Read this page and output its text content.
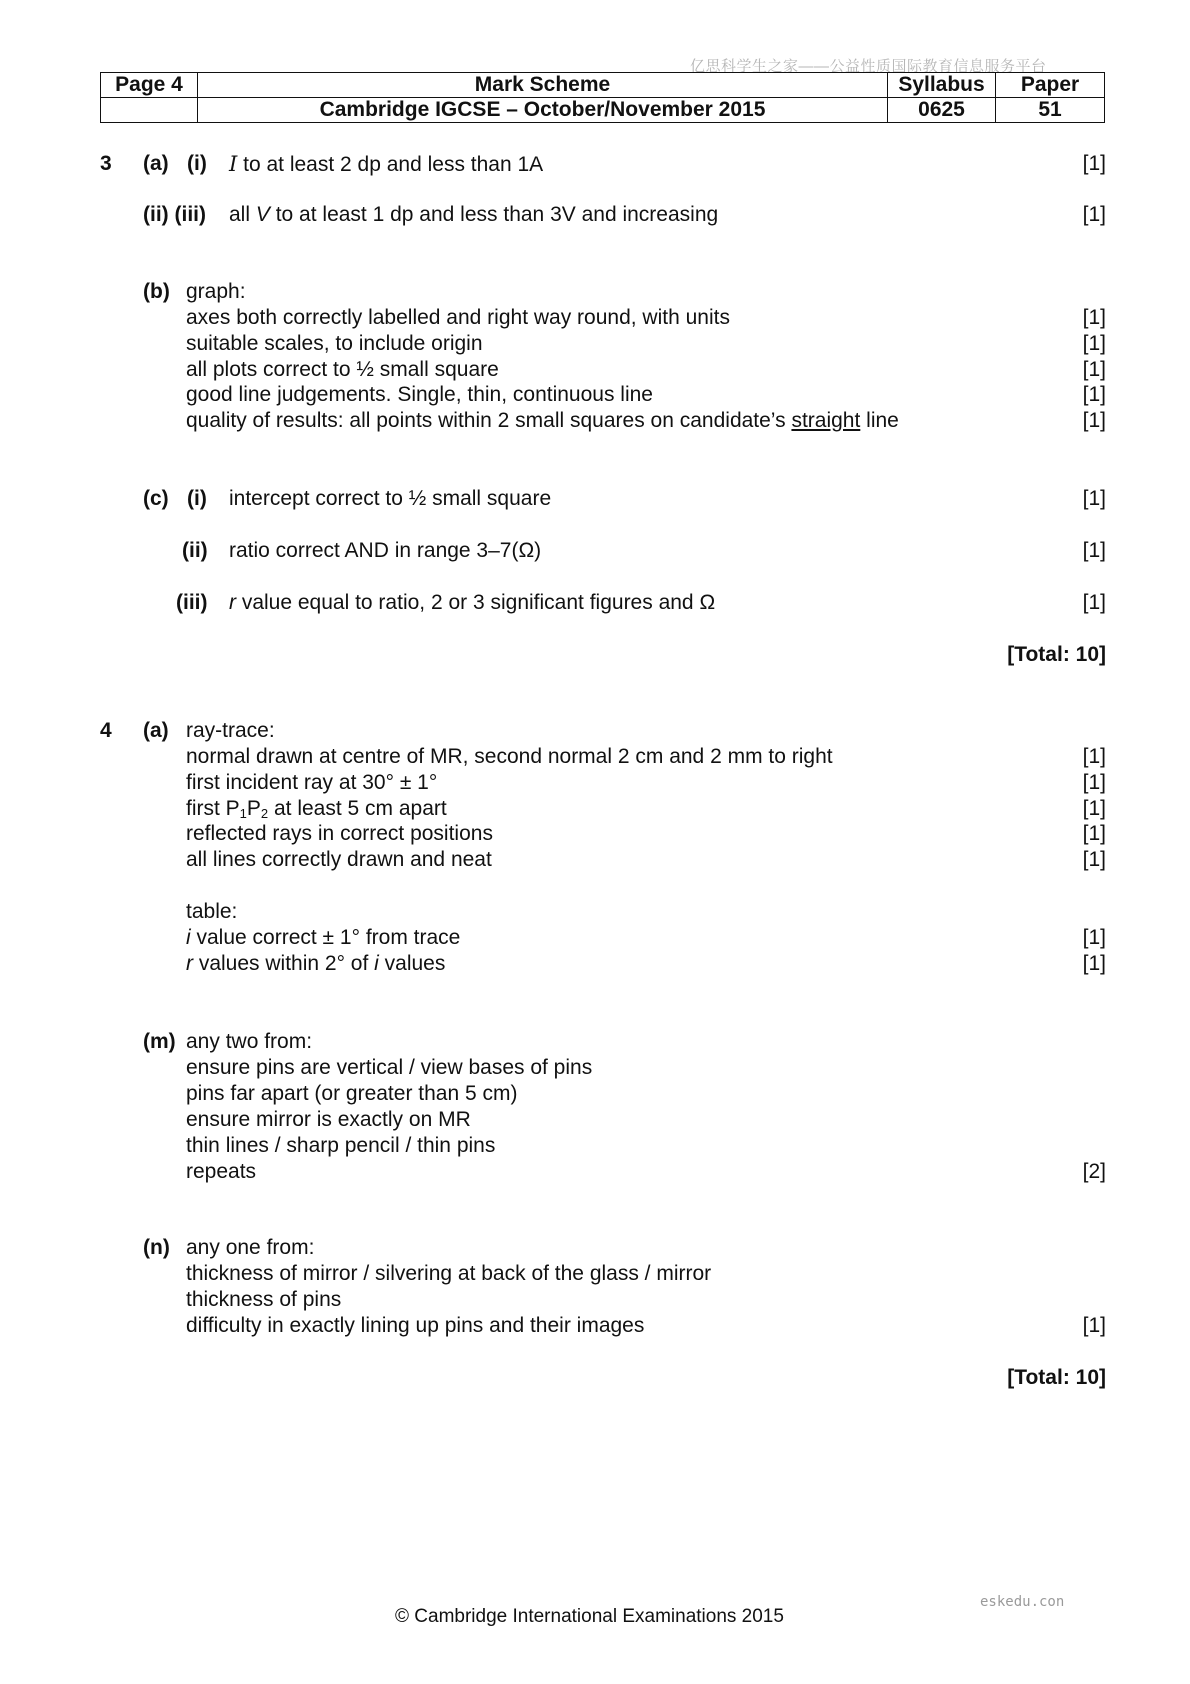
亿思科学生之家——公益性质国际教育信息服务平台
Page 4	Mark Scheme	Syllabus	Paper
	Cambridge IGCSE – October/November 2015	0625	51
3 (a) (i) I to at least 2 dp and less than 1A	[1]
(ii) (iii) all V to at least 1 dp and less than 3V and increasing	[1]
(b) graph:
axes both correctly labelled and right way round, with units	[1]
suitable scales, to include origin	[1]
all plots correct to ½ small square	[1]
good line judgements. Single, thin, continuous line	[1]
quality of results: all points within 2 small squares on candidate’s straight line	[1]
(c) (i) intercept correct to ½ small square	[1]
(ii) ratio correct AND in range 3–7(Ω)	[1]
(iii) r value equal to ratio, 2 or 3 significant figures and Ω	[1]
[Total: 10]
4 (a) ray-trace:
normal drawn at centre of MR, second normal 2 cm and 2 mm to right	[1]
first incident ray at 30° ± 1°	[1]
first $P_1P_2$ at least 5 cm apart	[1]
reflected rays in correct positions	[1]
all lines correctly drawn and neat	[1]
table:
i value correct ± 1° from trace	[1]
r values within 2° of i values	[1]
(m) any two from:
ensure pins are vertical / view bases of pins
pins far apart (or greater than 5 cm)
ensure mirror is exactly on MR
thin lines / sharp pencil / thin pins
repeats	[2]
(n) any one from:
thickness of mirror / silvering at back of the glass / mirror
thickness of pins
difficulty in exactly lining up pins and their images	[1]
[Total: 10]
eskedu.con
© Cambridge International Examinations 2015
